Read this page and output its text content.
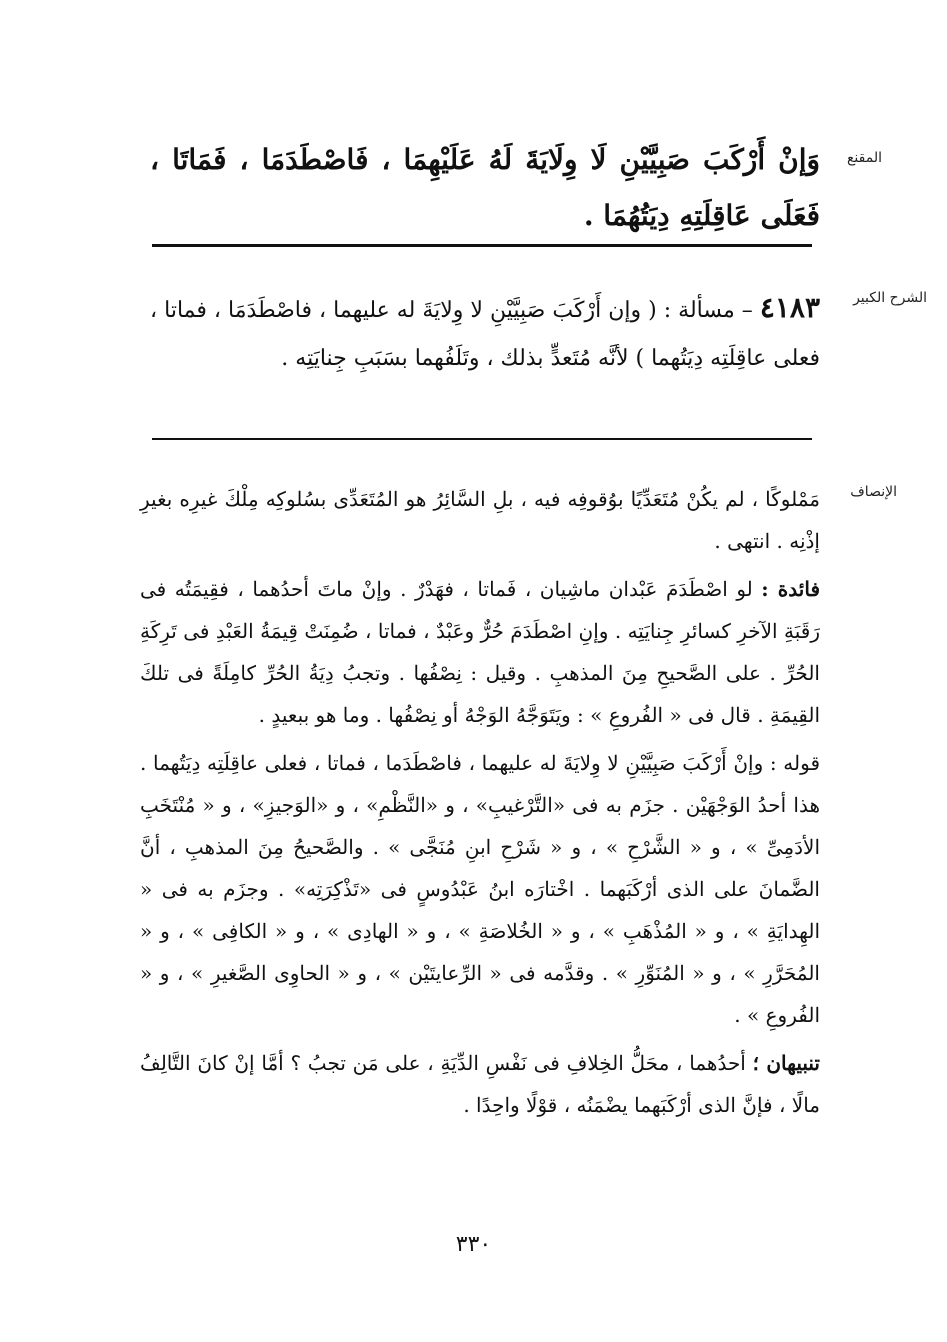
المقنع
وَإنْ أَرْكَبَ صَبِيَّيْنِ لَا وِلَايَةَ لَهُ عَلَيْهِمَا ، فَاصْطَدَمَا ، فَمَاتَا ، فَعَلَى عَاقِلَتِهِ دِيَتُهُمَا .
الشرح الكبير
٤١٨٣ – مسألة : ( وإن أَرْكَبَ صَبِيَّيْنِ لا وِلايَةَ له عليهما ، فاصْطَدَمَا ، فماتا ، فعلى عاقِلَتِه دِيَتُهما ) لأنَّه مُتَعدٍّ بذلك ، وتَلَفُهما بسَبَبِ جِنايَتِه .
الإنصاف

مَمْلوكًا ، لم يكُنْ مُتَعَدِّيًا بوُقوفِه فيه ، بلِ السَّائِرُ هو المُتَعَدِّى بسُلوكِه مِلْكَ غيرِه بغيرِ إذْنِه . انتهى .

فائدة : لو اصْطَدَمَ عَبْدان ماشِيان ، فَماتا ، فهَدْرٌ . وإنْ ماتَ أحدُهما ، فقِيمَتُه فى رَقَبَةِ الآخرِ كسائرِ جِنايَتِه . وإنِ اصْطَدَمَ حُرٌّ وعَبْدٌ ، فماتا ، ضُمِنَتْ قِيمَةُ العَبْدِ فى تَرِكَةِ الحُرِّ . على الصَّحيحِ مِنَ المذهبِ . وقيل : نِصْفُها . وتجبُ دِيَةُ الحُرِّ كامِلَةً فى تلكَ القِيمَةِ . قال فى « الفُروعِ » : ويَتَوَجَّهُ الوَجْهُ أو نِصْفُها . وما هو ببعيدٍ .

قوله : وإنْ أَرْكَبَ صَبِيَّيْنِ لا وِلايَةَ له عليهما ، فاصْطَدَما ، فماتا ، فعلى عاقِلَتِه دِيَتُهما . هذا أحدُ الوَجْهَيْن . جزَم به فى «التَّرْغيبِ» ، و «النَّظْمِ» ، و «الوَجيزِ» ، و « مُنْتَخَبِ الأدَمِىِّ » ، و « الشَّرْحِ » ، و « شَرْحِ ابنِ مُنَجَّى » . والصَّحيحُ مِنَ المذهبِ ، أنَّ الضَّمانَ على الذى أرْكَبَهما . اخْتارَه ابنُ عَبْدُوسٍ فى «تَذْكِرَتِه» . وجزَم به فى « الهِدايَةِ » ، و « المُذْهَبِ » ، و « الخُلاصَةِ » ، و « الهادِى » ، و « الكافِى » ، و « المُحَرَّرِ » ، و « المُنَوِّرِ » . وقدَّمه فى « الرِّعايتَيْن » ، و « الحاوِى الصَّغيرِ » ، و « الفُروعِ » .

تنبيهان ؛ أحدُهما ، محَلُّ الخِلافِ فى نَفْسِ الدِّيَةِ ، على مَن تجبُ ؟ أمَّا إنْ كانَ التَّالِفُ مالًا ، فإنَّ الذى أرْكَبَهما يضْمَنُه ، قوْلًا واحِدًا .

٣٣٠
